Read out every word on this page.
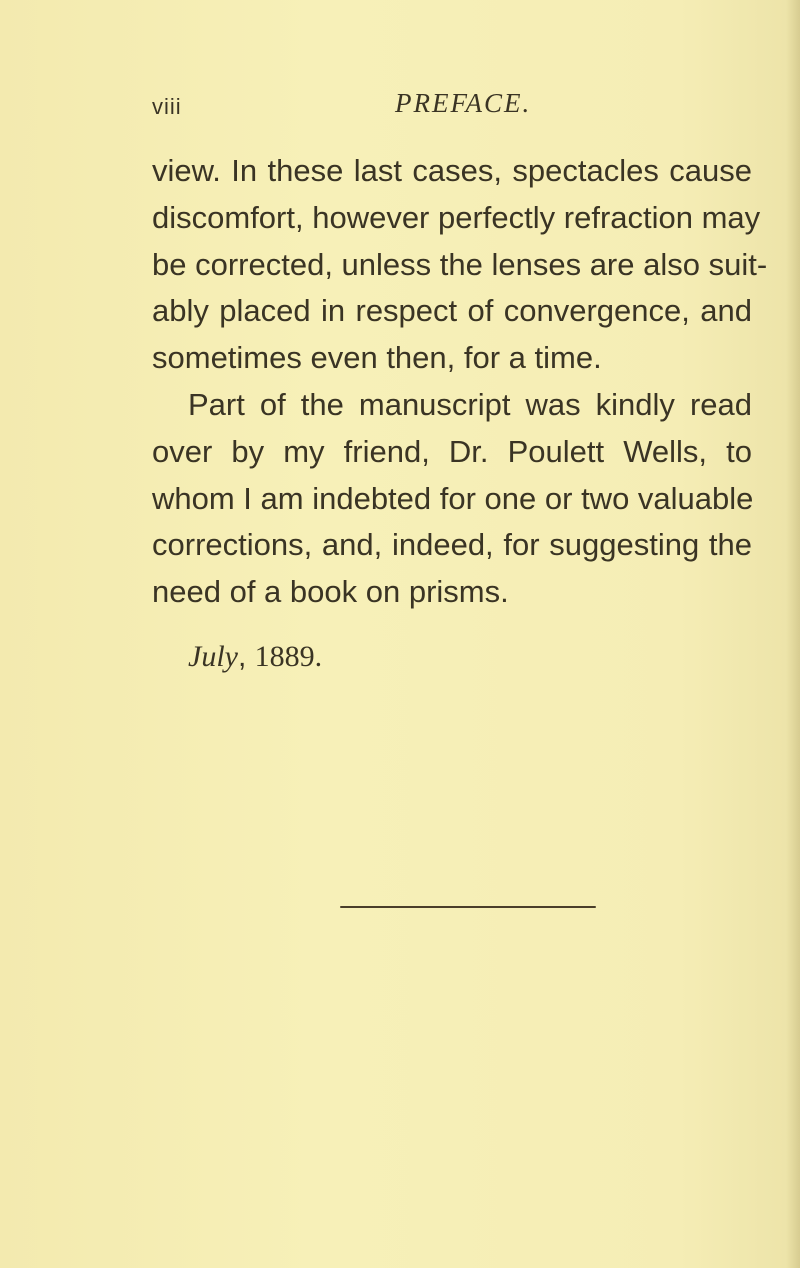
viii	PREFACE.
view. In these last cases, spectacles cause
discomfort, however perfectly refraction may
be corrected, unless the lenses are also suit-
ably placed in respect of convergence, and
sometimes even then, for a time.
Part of the manuscript was kindly read
over by my friend, Dr. Poulett Wells, to
whom I am indebted for one or two valuable
corrections, and, indeed, for suggesting the
need of a book on prisms.
July, 1889.
